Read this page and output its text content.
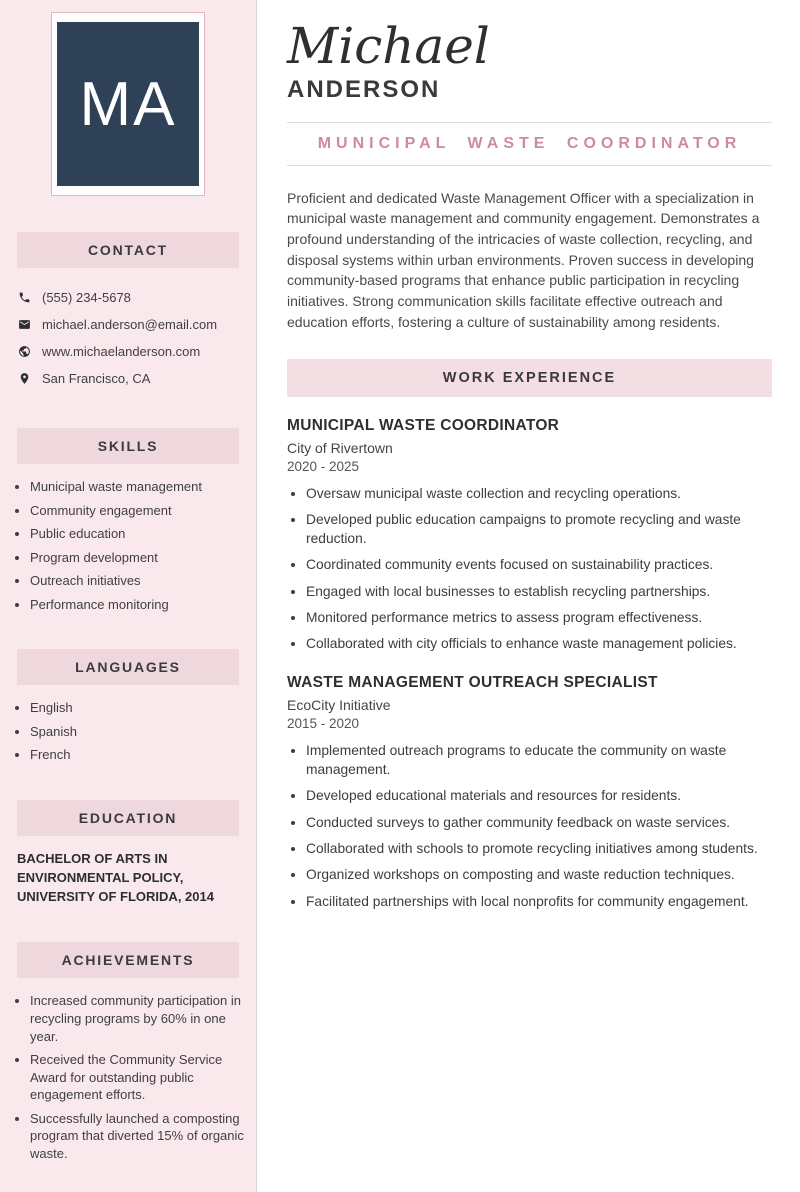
MA
CONTACT
(555) 234-5678
michael.anderson@email.com
www.michaelanderson.com
San Francisco, CA
SKILLS
• Municipal waste management
• Community engagement
• Public education
• Program development
• Outreach initiatives
• Performance monitoring
LANGUAGES
• English
• Spanish
• French
EDUCATION
BACHELOR OF ARTS IN ENVIRONMENTAL POLICY, UNIVERSITY OF FLORIDA, 2014
ACHIEVEMENTS
• Increased community participation in recycling programs by 60% in one year.
• Received the Community Service Award for outstanding public engagement efforts.
• Successfully launched a composting program that diverted 15% of organic waste.
Michael
ANDERSON
MUNICIPAL WASTE COORDINATOR

Proficient and dedicated Waste Management Officer with a specialization in municipal waste management and community engagement. Demonstrates a profound understanding of the intricacies of waste collection, recycling, and disposal systems within urban environments. Proven success in developing community-based programs that enhance public participation in recycling initiatives. Strong communication skills facilitate effective outreach and education efforts, fostering a culture of sustainability among residents.

WORK EXPERIENCE
MUNICIPAL WASTE COORDINATOR
City of Rivertown
2020 - 2025
• Oversaw municipal waste collection and recycling operations.
• Developed public education campaigns to promote recycling and waste reduction.
• Coordinated community events focused on sustainability practices.
• Engaged with local businesses to establish recycling partnerships.
• Monitored performance metrics to assess program effectiveness.
• Collaborated with city officials to enhance waste management policies.
WASTE MANAGEMENT OUTREACH SPECIALIST
EcoCity Initiative
2015 - 2020
• Implemented outreach programs to educate the community on waste management.
• Developed educational materials and resources for residents.
• Conducted surveys to gather community feedback on waste services.
• Collaborated with schools to promote recycling initiatives among students.
• Organized workshops on composting and waste reduction techniques.
• Facilitated partnerships with local nonprofits for community engagement.
